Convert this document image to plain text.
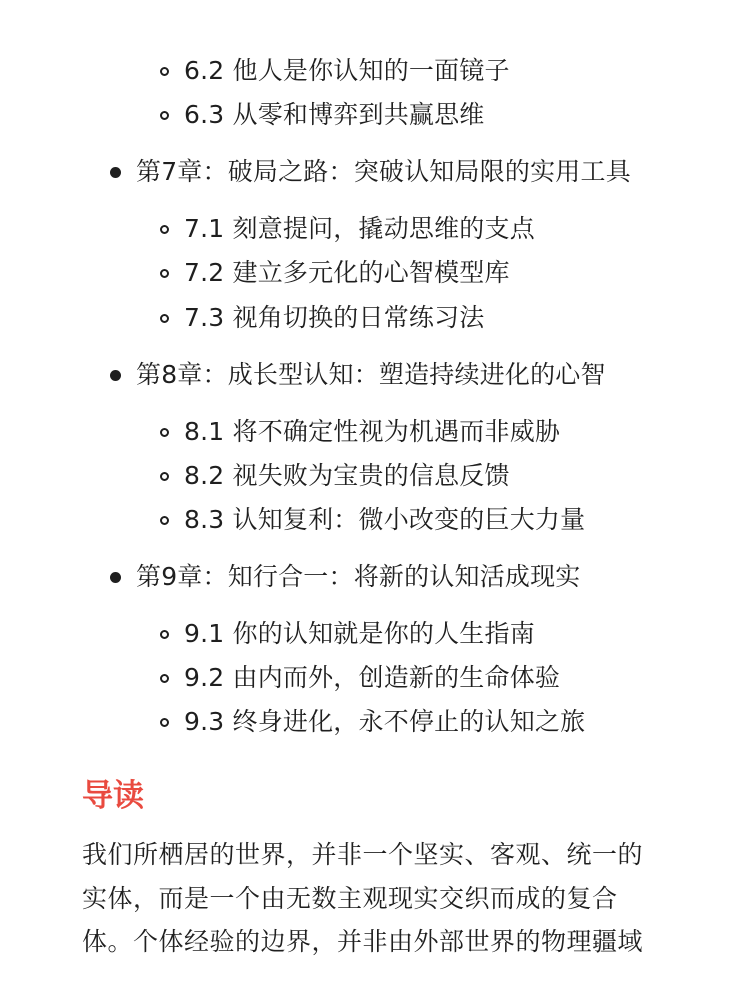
6.2 他人是你认知的一面镜子
6.3 从零和博弈到共赢思维
第7章：破局之路：突破认知局限的实用工具
7.1 刻意提问，撬动思维的支点
7.2 建立多元化的心智模型库
7.3 视角切换的日常练习法
第8章：成长型认知：塑造持续进化的心智
8.1 将不确定性视为机遇而非威胁
8.2 视失败为宝贵的信息反馈
8.3 认知复利：微小改变的巨大力量
第9章：知行合一：将新的认知活成现实
9.1 你的认知就是你的人生指南
9.2 由内而外，创造新的生命体验
9.3 终身进化，永不停止的认知之旅
导读

我们所栖居的世界，并非一个坚实、客观、统一的

实体，而是一个由无数主观现实交织而成的复合

体。个体经验的边界，并非由外部世界的物理疆域
